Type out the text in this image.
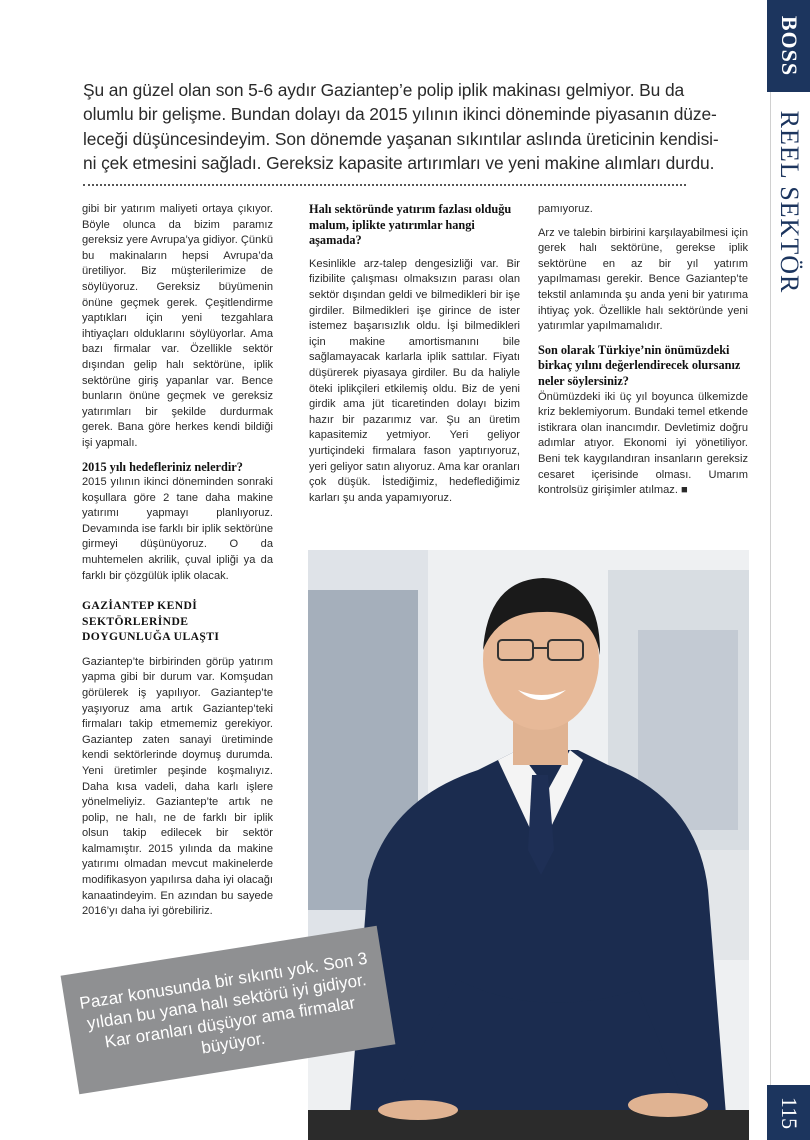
BOSS
REEL SEKTÖR
115

Şu an güzel olan son 5-6 aydır Gaziantep’e polip iplik makinası gelmiyor. Bu da

olumlu bir gelişme. Bundan dolayı da 2015 yılının ikinci döneminde piyasanın düze-

leceği düşüncesindeyim. Son dönemde yaşanan sıkıntılar aslında üreticinin kendisi-

ni çek etmesini sağladı. Gereksiz kapasite artırımları ve yeni makine alımları durdu.

gibi bir yatırım maliyeti ortaya çıkıyor. Böyle olunca da bizim paramız gereksiz yere Avrupa’ya gidiyor. Çünkü bu makinaların hepsi Avrupa’da üretiliyor. Biz müşterilerimize de söylüyoruz. Gereksiz büyümenin önüne geçmek gerek. Çeşitlendirme yaptıkları için yeni tezgahlara ihtiyaçları olduklarını söylüyorlar. Ama bazı firmalar var. Özellikle sektör dışından gelip halı sektörüne, iplik sektörüne giriş yapanlar var. Bence bunların önüne geçmek ve gereksiz yatırımları bir şekilde durdurmak gerek. Bana göre herkes kendi bildiği işi yapmalı.

2015 yılı hedefleriniz nelerdir?

2015 yılının ikinci döneminden sonraki koşullara göre 2 tane daha makine yatırımı yapmayı planlıyoruz. Devamında ise farklı bir iplik sektörüne girmeyi düşünüyoruz. O da muhtemelen akrilik, çuval ipliği ya da farklı bir çözgülük iplik olacak.

GAZİANTEP KENDİ SEKTÖRLERİNDE DOYGUNLUĞA ULAŞTI

Gaziantep’te birbirinden görüp yatırım yapma gibi bir durum var. Komşudan görülerek iş yapılıyor. Gaziantep’te yaşıyoruz ama artık Gaziantep’teki firmaları takip etmememiz gerekiyor. Gaziantep zaten sanayi üretiminde kendi sektörlerinde doymuş durumda. Yeni üretimler peşinde koşmalıyız. Daha kısa vadeli, daha karlı işlere yönelmeliyiz. Gaziantep’te artık ne polip, ne halı, ne de farklı bir iplik olsun takip edilecek bir sektör kalmamıştır. 2015 yılında da makine yatırımı olmadan mevcut makinelerde modifikasyon yapılırsa daha iyi olacağı kanaatindeyim. En azından bu sayede 2016’yı daha iyi görebiliriz.

Halı sektöründe yatırım fazlası olduğu malum, iplikte yatırımlar hangi aşamada?

Kesinlikle arz-talep dengesizliği var. Bir fizibilite çalışması olmaksızın parası olan sektör dışından geldi ve bilmedikleri bir işe girdiler. Bilmedikleri işe girince de ister istemez başarısızlık oldu. İşi bilmedikleri için makine amortismanını bile sağlamayacak karlarla iplik sattılar. Fiyatı düşürerek piyasaya girdiler. Bu da haliyle öteki iplikçileri etkilemiş oldu. Biz de yeni girdik ama jüt ticaretinden dolayı bizim hazır bir pazarımız var. Şu an üretim kapasitemiz yetmiyor. Yeri geliyor yurtiçindeki firmalara fason yaptırıyoruz, yeri geliyor satın alıyoruz. Ama kar oranları çok düşük. İstediğimiz, hedeflediğimiz karları şu anda yapamıyoruz.

pamıyoruz.

Arz ve talebin birbirini karşılayabilmesi için gerek halı sektörüne, gerekse iplik sektörüne en az bir yıl yatırım yapılmaması gerekir. Bence Gaziantep’te tekstil anlamında şu anda yeni bir yatırıma ihtiyaç yok. Özellikle halı sektöründe yeni yatırımlar yapılmamalıdır.

Son olarak Türkiye’nin önümüzdeki birkaç yılını değerlendirecek olursanız neler söylersiniz?

Önümüzdeki iki üç yıl boyunca ülkemizde kriz beklemiyorum. Bundaki temel etkende istikrara olan inancımdır. Devletimiz doğru adımlar atıyor. Ekonomi iyi yönetiliyor. Beni tek kaygılandıran insanların gereksiz cesaret içerisinde olması. Umarım kontrolsüz girişimler atılmaz. ■

Pazar konusunda bir sıkıntı yok. Son 3 yıldan bu yana halı sektörü iyi gidiyor. Kar oranları düşüyor ama firmalar büyüyor.
